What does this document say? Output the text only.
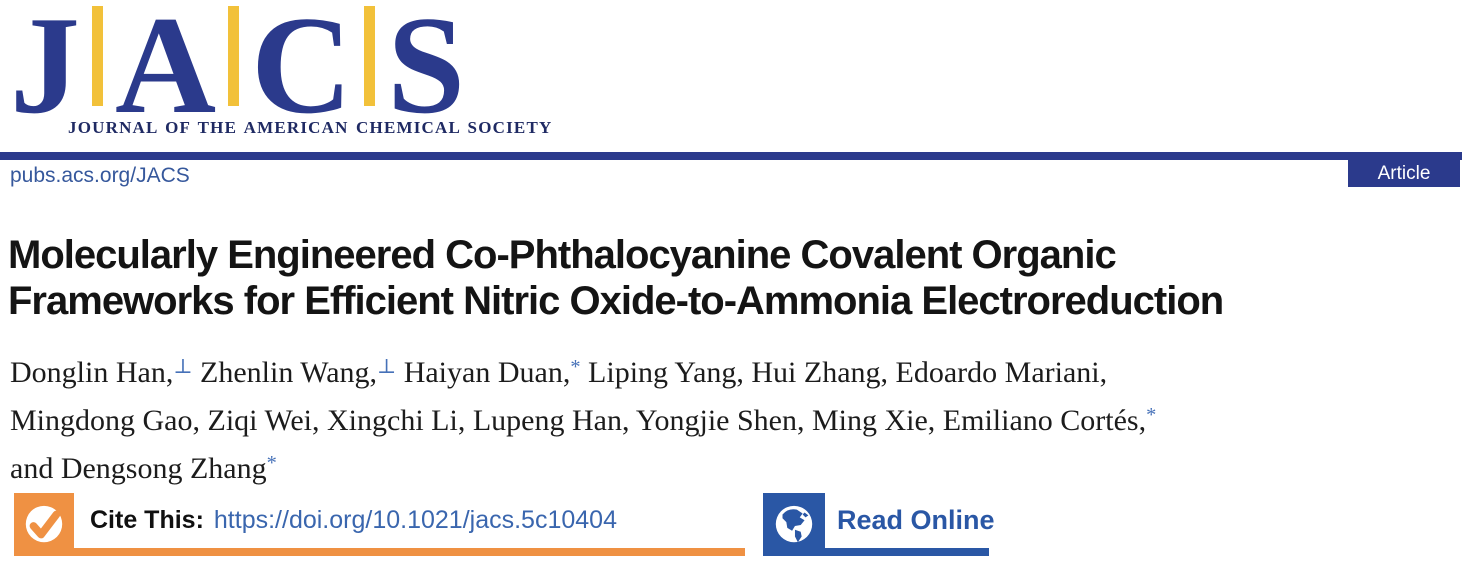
J A C S
JOURNAL OF THE AMERICAN CHEMICAL SOCIETY
pubs.acs.org/JACS	Article
Molecularly Engineered Co-Phthalocyanine Covalent Organic
Frameworks for Efficient Nitric Oxide-to-Ammonia Electroreduction
Donglin Han,⊥ Zhenlin Wang,⊥ Haiyan Duan,* Liping Yang, Hui Zhang, Edoardo Mariani,
Mingdong Gao, Ziqi Wei, Xingchi Li, Lupeng Han, Yongjie Shen, Ming Xie, Emiliano Cortés,*
and Dengsong Zhang*
Cite This: https://doi.org/10.1021/jacs.5c10404	Read Online
